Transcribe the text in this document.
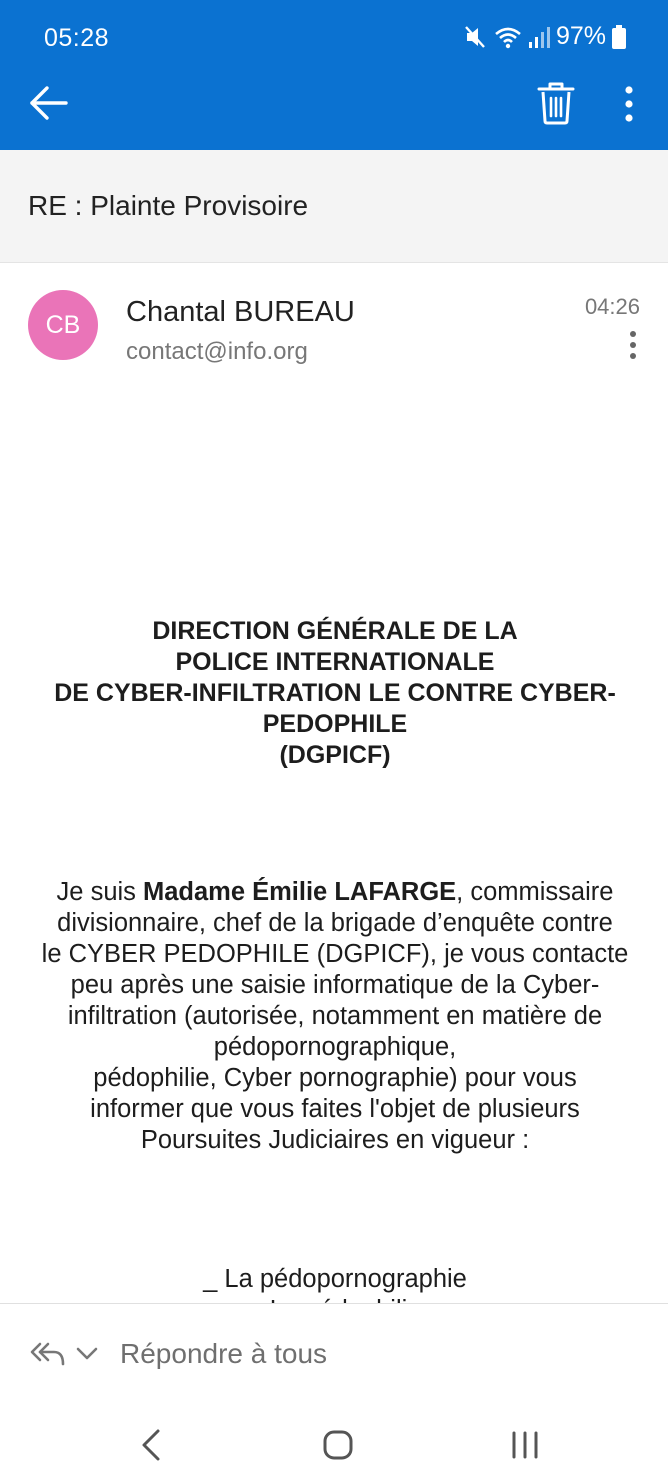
05:28	97%
RE : Plainte Provisoire
CB Chantal BUREAU
contact@info.org
04:26
DIRECTION GÉNÉRALE DE LA
POLICE INTERNATIONALE
DE CYBER-INFILTRATION LE CONTRE CYBER-
PEDOPHILE
(DGPICF)
Je suis Madame Émilie LAFARGE, commissaire
divisionnaire, chef de la brigade d’enquête contre
le CYBER PEDOPHILE (DGPICF), je vous contacte
peu après une saisie informatique de la Cyber-
infiltration (autorisée, notamment en matière de
pédopornographique,
pédophilie, Cyber pornographie) pour vous
informer que vous faites l'objet de plusieurs
Poursuites Judiciaires en vigueur :
_ La pédopornographie
Répondre à tous
